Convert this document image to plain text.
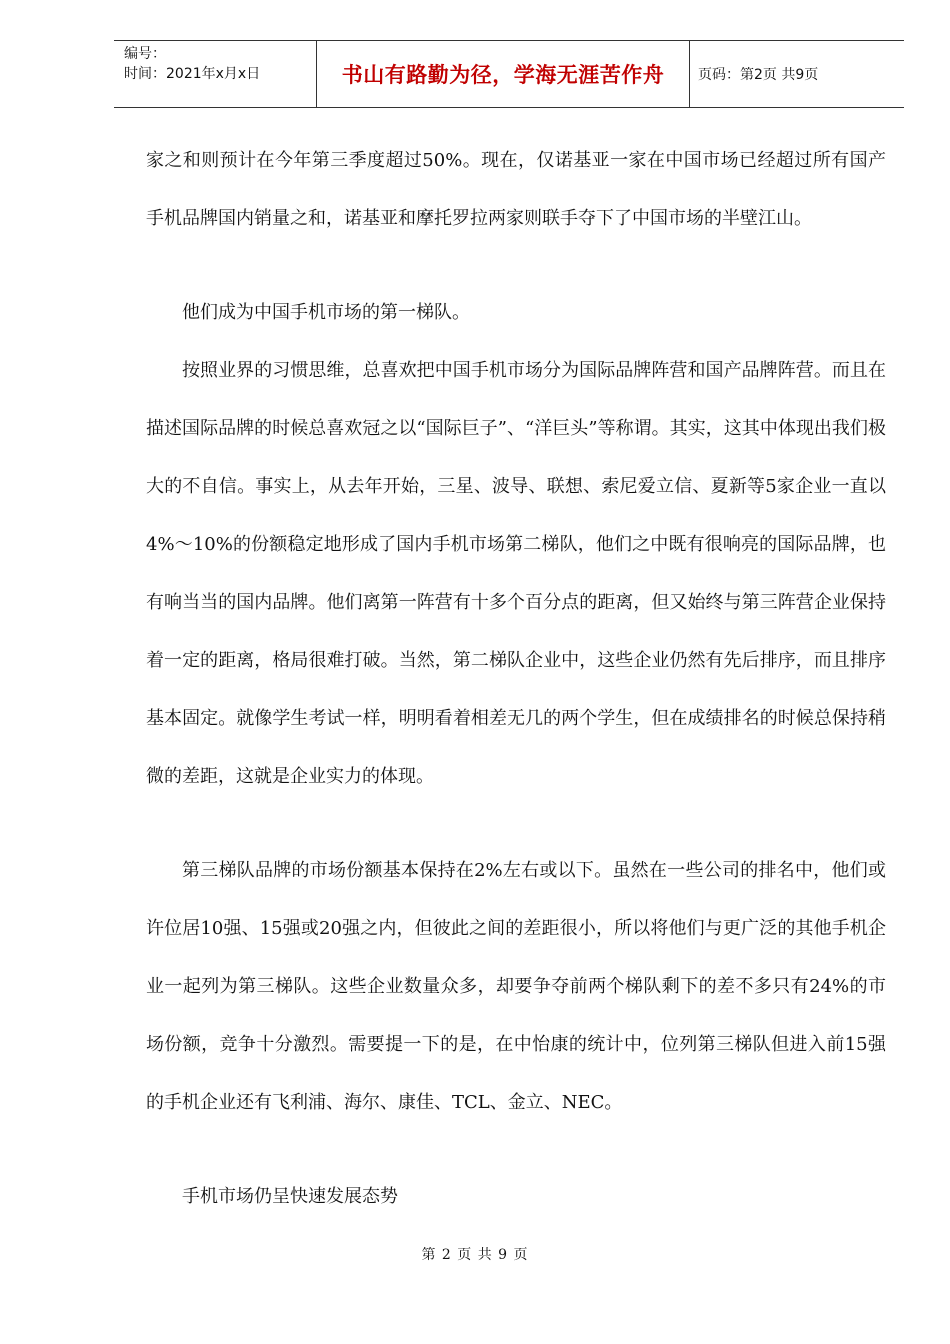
编号：
时间：2021年x月x日	书山有路勤为径，学海无涯苦作舟	页码：第2页 共9页

家之和则预计在今年第三季度超过50%。现在，仅诺基亚一家在中国市场已经超过所有国产手机品牌国内销量之和，诺基亚和摩托罗拉两家则联手夺下了中国市场的半壁江山。

他们成为中国手机市场的第一梯队。

按照业界的习惯思维，总喜欢把中国手机市场分为国际品牌阵营和国产品牌阵营。而且在描述国际品牌的时候总喜欢冠之以“国际巨子”、“洋巨头”等称谓。其实，这其中体现出我们极大的不自信。事实上，从去年开始，三星、波导、联想、索尼爱立信、夏新等5家企业一直以4%～10%的份额稳定地形成了国内手机市场第二梯队，他们之中既有很响亮的国际品牌，也有响当当的国内品牌。他们离第一阵营有十多个百分点的距离，但又始终与第三阵营企业保持着一定的距离，格局很难打破。当然，第二梯队企业中，这些企业仍然有先后排序，而且排序基本固定。就像学生考试一样，明明看着相差无几的两个学生，但在成绩排名的时候总保持稍微的差距，这就是企业实力的体现。

第三梯队品牌的市场份额基本保持在2%左右或以下。虽然在一些公司的排名中，他们或许位居10强、15强或20强之内，但彼此之间的差距很小，所以将他们与更广泛的其他手机企业一起列为第三梯队。这些企业数量众多，却要争夺前两个梯队剩下的差不多只有24%的市场份额，竞争十分激烈。需要提一下的是，在中怡康的统计中，位列第三梯队但进入前15强的手机企业还有飞利浦、海尔、康佳、TCL、金立、NEC。

手机市场仍呈快速发展态势

第 2 页 共 9 页
